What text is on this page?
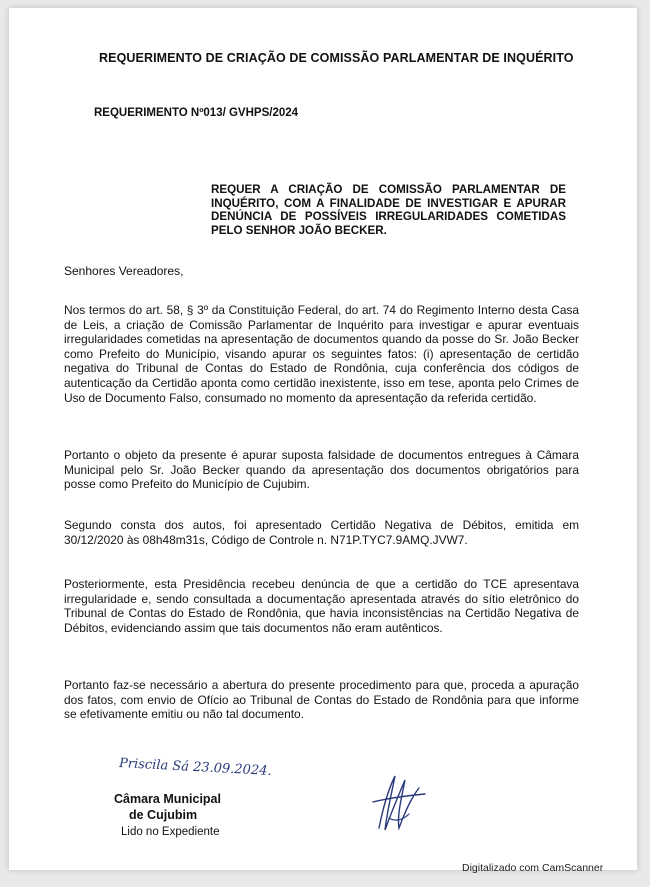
REQUERIMENTO DE CRIAÇÃO DE COMISSÃO PARLAMENTAR DE INQUÉRITO
REQUERIMENTO Nº013/ GVHPS/2024
REQUER A CRIAÇÃO DE COMISSÃO PARLAMENTAR DE INQUÉRITO, COM A FINALIDADE DE INVESTIGAR E APURAR DENÚNCIA DE POSSÍVEIS IRREGULARIDADES COMETIDAS PELO SENHOR JOÃO BECKER.
Senhores Vereadores,
Nos termos do art. 58, § 3º da Constituição Federal, do art. 74 do Regimento Interno desta Casa de Leis, a criação de Comissão Parlamentar de Inquérito para investigar e apurar eventuais irregularidades cometidas na apresentação de documentos quando da posse do Sr. João Becker como Prefeito do Município, visando apurar os seguintes fatos: (i) apresentação de certidão negativa do Tribunal de Contas do Estado de Rondônia, cuja conferência dos códigos de autenticação da Certidão aponta como certidão inexistente, isso em tese, aponta pelo Crimes de Uso de Documento Falso, consumado no momento da apresentação da referida certidão.
Portanto o objeto da presente é apurar suposta falsidade de documentos entregues à Câmara Municipal pelo Sr. João Becker quando da apresentação dos documentos obrigatórios para posse como Prefeito do Município de Cujubim.
Segundo consta dos autos, foi apresentado Certidão Negativa de Débitos, emitida em 30/12/2020 às 08h48m31s, Código de Controle n. N71P.TYC7.9AMQ.JVW7.
Posteriormente, esta Presidência recebeu denúncia de que a certidão do TCE apresentava irregularidade e, sendo consultada a documentação apresentada através do sítio eletrônico do Tribunal de Contas do Estado de Rondônia, que havia inconsistências na Certidão Negativa de Débitos, evidenciando assim que tais documentos não eram autênticos.
Portanto faz-se necessário a abertura do presente procedimento para que, proceda a apuração dos fatos, com envio de Ofício ao Tribunal de Contas do Estado de Rondônia para que informe se efetivamente emitiu ou não tal documento.
Priscila Sá 23.09.2024.
Câmara Municipal
de Cujubim
Lido no Expediente
Digitalizado com CamScanner
